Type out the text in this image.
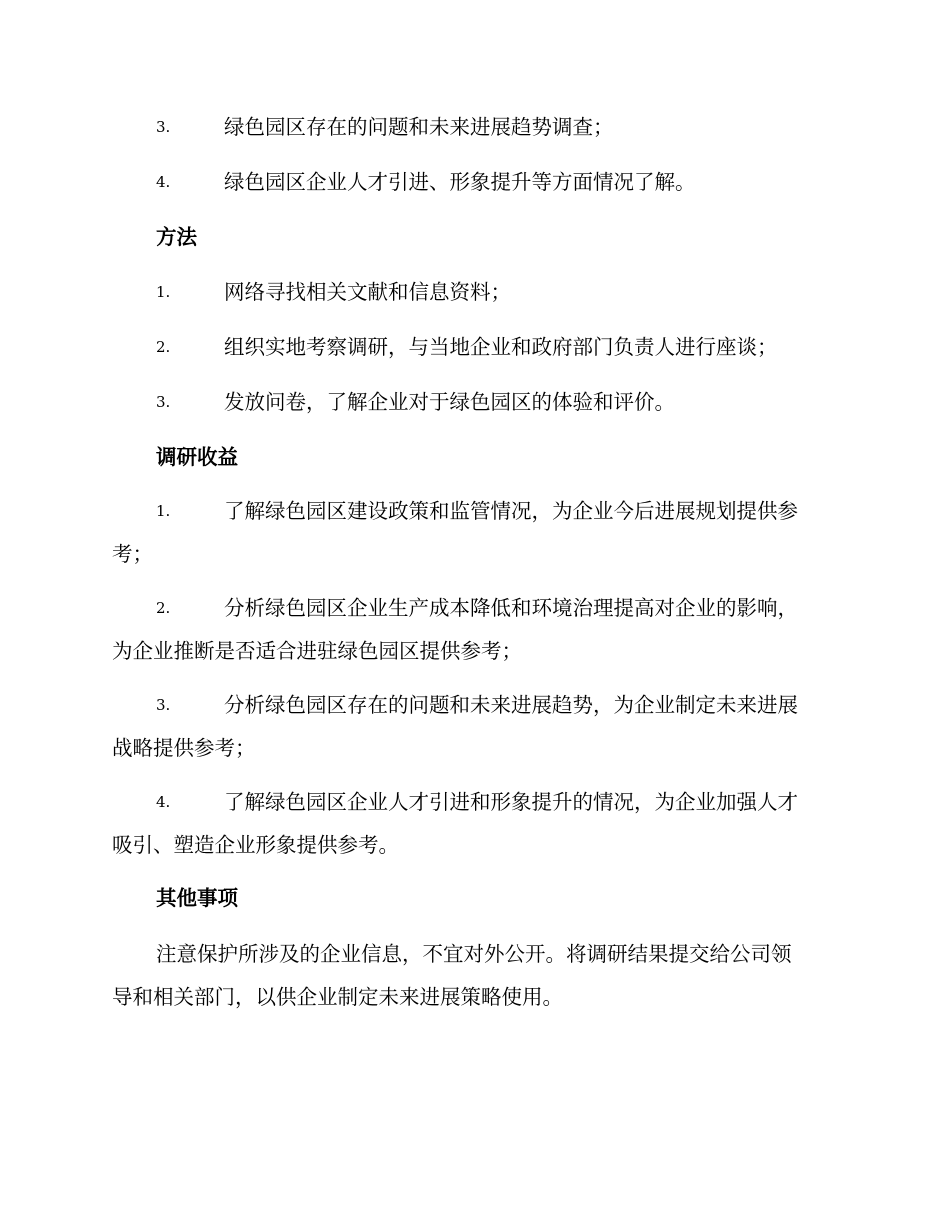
3.	绿色园区存在的问题和未来进展趋势调查；
4.	绿色园区企业人才引进、形象提升等方面情况了解。
方法
1.	网络寻找相关文献和信息资料；
2.	组织实地考察调研，与当地企业和政府部门负责人进行座谈；
3.	发放问卷，了解企业对于绿色园区的体验和评价。
调研收益
1.	了解绿色园区建设政策和监管情况，为企业今后进展规划提供参
考；
2.	分析绿色园区企业生产成本降低和环境治理提高对企业的影响，
为企业推断是否适合进驻绿色园区提供参考；
3.	分析绿色园区存在的问题和未来进展趋势，为企业制定未来进展
战略提供参考；
4.	了解绿色园区企业人才引进和形象提升的情况，为企业加强人才
吸引、塑造企业形象提供参考。
其他事项
注意保护所涉及的企业信息，不宜对外公开。将调研结果提交给公司领
导和相关部门，以供企业制定未来进展策略使用。
